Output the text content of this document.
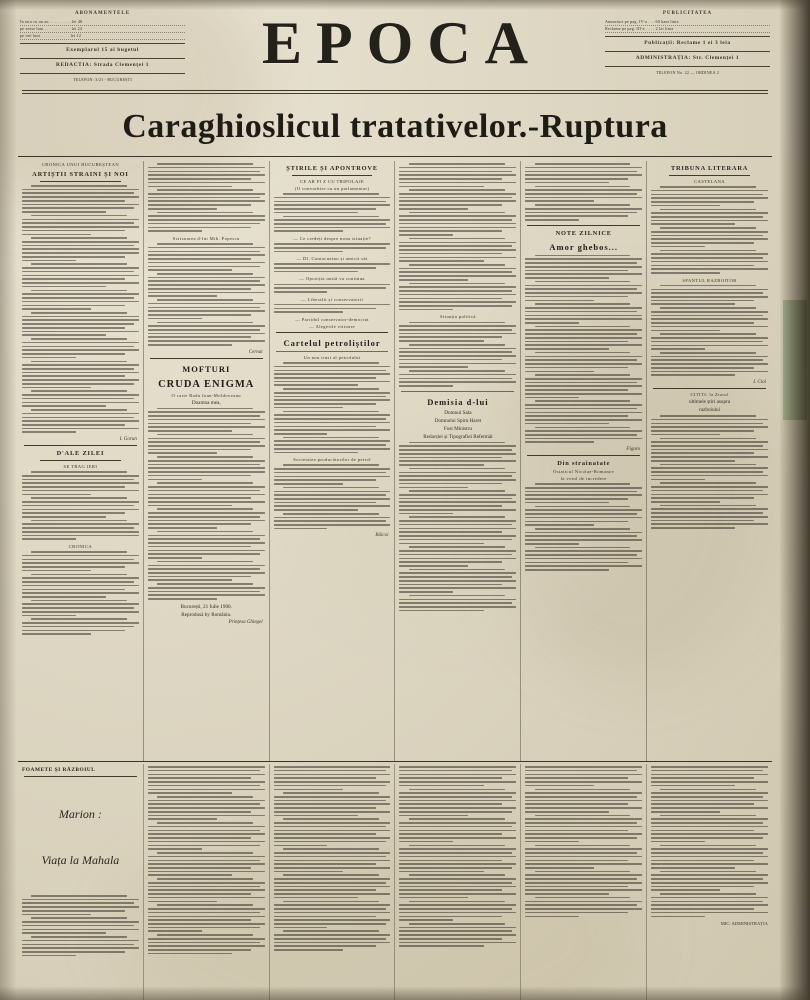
ABONAMENTELE
In tara cu un an . . . . . . . . . lei 48
pe sease luni . . . . . . . . . . . lei 24
pe trei luni . . . . . . . . . . . . lei 12
Exemplarul 15 ai bugetul
REDACTIA: Strada Clemenței 1
TELEFON: 3/21 - BUCUREȘTI
EPOCA	PUBLICITATEA
Anunciuri pe pag. IV-a . . . 60 bani linia
Reclame pe pag. III-a . . . . 2 lei linia
Publicații: Reclame 1 ei 3 leia
ADMINISTRAȚIA: Str. Clemenței 1
TELEFON No. 22 — ORDINEA 2
Caraghioslicul tratativelor.-Ruptura
CRONICA UNUI BUCUREȘTEAN
ARTIȘTII STRAINI ȘI NOI
I. Gorun
D'ALE ZILEI
SE TRAG IERI
CRONICA
Scrisoarea d-lui Mih. Popescu
Cernat
MOFTURI
CRUDA ENIGMA
O carte Radu Ioan-Moldoveanu
Doamna mea,
București, 21 Iulie 1900.
Reprodusă by România.
Prințesa Ghiegel
ȘTIRILE ȘI APONTROVE
CE AR FI Z CU TRIPOLAJE
(O convorbire cu un parlamentar)
— Ce credeți despre noua situație?
— Dl. Cantacuzino și amicii săi
— Opoziția unită va continua
— Liberalii și conservatorii
— Partidul conservator-democrat
— Alegerile viitoare
Cartelul petroliștilor
Un nou trust al petrolului
Societatea producătorilor de petrol
Băicoi
Situația politică
Demisia d-lui
Domnul Sala
Domnului Spiru Haret
Fost Ministru
Redacției și Tipografiei Refermăt
NOTE ZILNICE
Amor ghebos...
Figaro
Din strainatate
Ostaticul Nicolae-Romanov
la votul de incredere
TRIBUNA LITERARA
CASTELANA
SFANTUL RAZBOITOR
I. Ciol
CITITI: la Ziarul
ultimele știri asupra
razboiului
FOAMETE ȘI RĂZBOIUL
Marion :
Viața la Mahala
MIC. ADMINISTRAȚIA
